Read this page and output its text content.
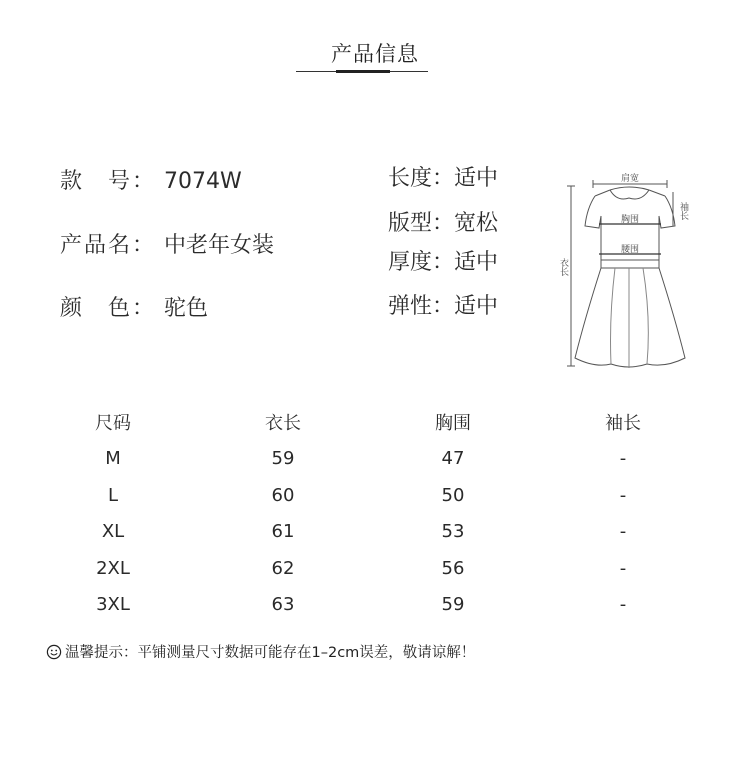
产品信息
款　号： 7074W
产品名： 中老年女装
颜　色： 驼色
长度：适中
版型：宽松
厚度：适中
弹性：适中
肩宽
胸围
腰围
衣长
袖长
尺码	衣长	胸围	袖长
M	59	47	-
L	60	50	-
XL	61	53	-
2XL	62	56	-
3XL	63	59	-
温馨提示：平铺测量尺寸数据可能存在1–2cm误差，敬请谅解！
